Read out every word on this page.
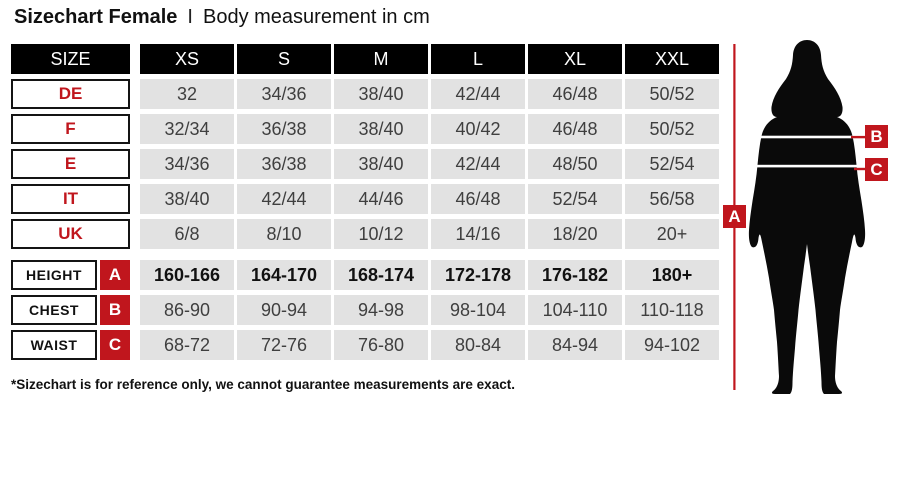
Sizechart Female I Body measurement in cm
SIZE	XS	S	M	L	XL	XXL
DE	32	34/36	38/40	42/44	46/48	50/52
F	32/34	36/38	38/40	40/42	46/48	50/52
E	34/36	36/38	38/40	42/44	48/50	52/54
IT	38/40	42/44	44/46	46/48	52/54	56/58
UK	6/8	8/10	10/12	14/16	18/20	20+
HEIGHT	A	160-166	164-170	168-174	172-178	176-182	180+
CHEST	B	86-90	90-94	94-98	98-104	104-110	110-118
WAIST	C	68-72	72-76	76-80	80-84	84-94	94-102
*Sizechart is for reference only, we cannot guarantee measurements are exact.
A
B
C
